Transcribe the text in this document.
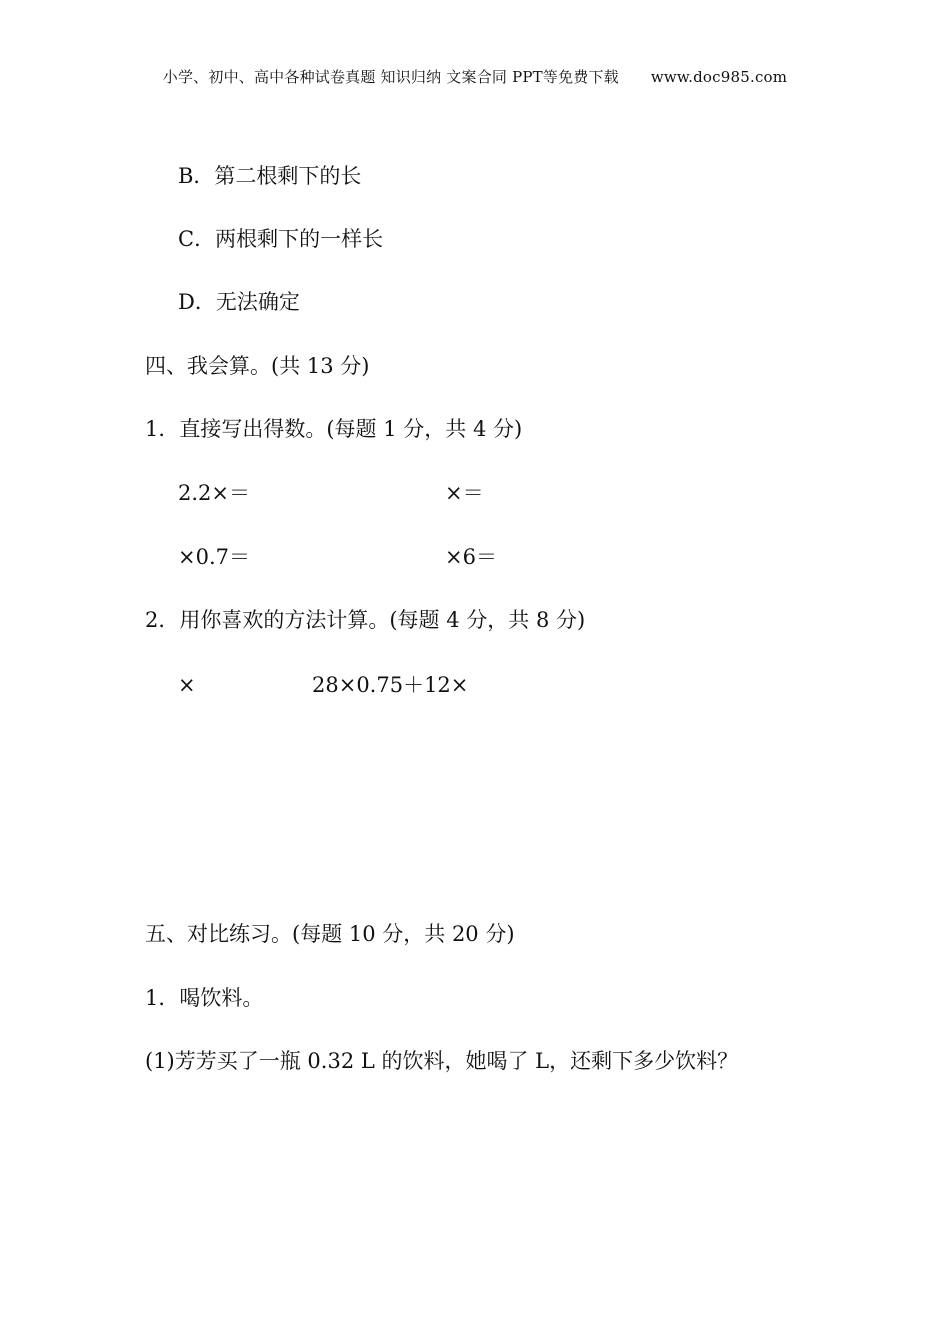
小学、初中、高中各种试卷真题 知识归纳 文案合同 PPT等免费下载 www.doc985.com
B．第二根剩下的长
C．两根剩下的一样长
D．无法确定
四、我会算。(共 13 分)
1．直接写出得数。(每题 1 分，共 4 分)
2.2×＝	×＝
×0.7＝	×6＝
2．用你喜欢的方法计算。(每题 4 分，共 8 分)
×	28×0.75＋12×
五、对比练习。(每题 10 分，共 20 分)
1．喝饮料。
(1)芳芳买了一瓶 0.32 L 的饮料，她喝了 L，还剩下多少饮料？
